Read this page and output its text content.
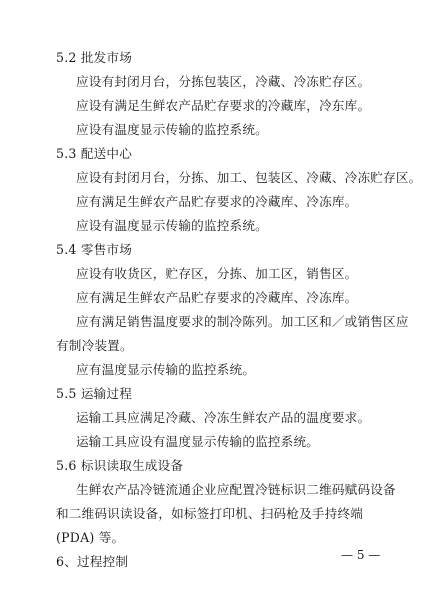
5.2 批发市场
应设有封闭月台，分拣包装区，冷藏、冷冻贮存区。
应设有满足生鲜农产品贮存要求的冷藏库，冷东库。
应设有温度显示传输的监控系统。
5.3 配送中心
应设有封闭月台，分拣、加工、包装区、冷藏、冷冻贮存区。
应有满足生鲜农产品贮存要求的冷藏库、冷冻库。
应设有温度显示传输的监控系统。
5.4 零售市场
应设有收货区，贮存区，分拣、加工区，销售区。
应有满足生鲜农产品贮存要求的冷藏库、冷冻库。
应有满足销售温度要求的制冷陈列。加工区和／或销售区应
有制冷装置。
应有温度显示传输的监控系统。
5.5 运输过程
运输工具应满足冷藏、冷冻生鲜农产品的温度要求。
运输工具应设有温度显示传输的监控系统。
5.6 标识读取生成设备
生鲜农产品冷链流通企业应配置冷链标识二维码赋码设备
和二维码识读设备，如标签打印机、扫码枪及手持终端
(PDA) 等。
6、过程控制	— 5 —
